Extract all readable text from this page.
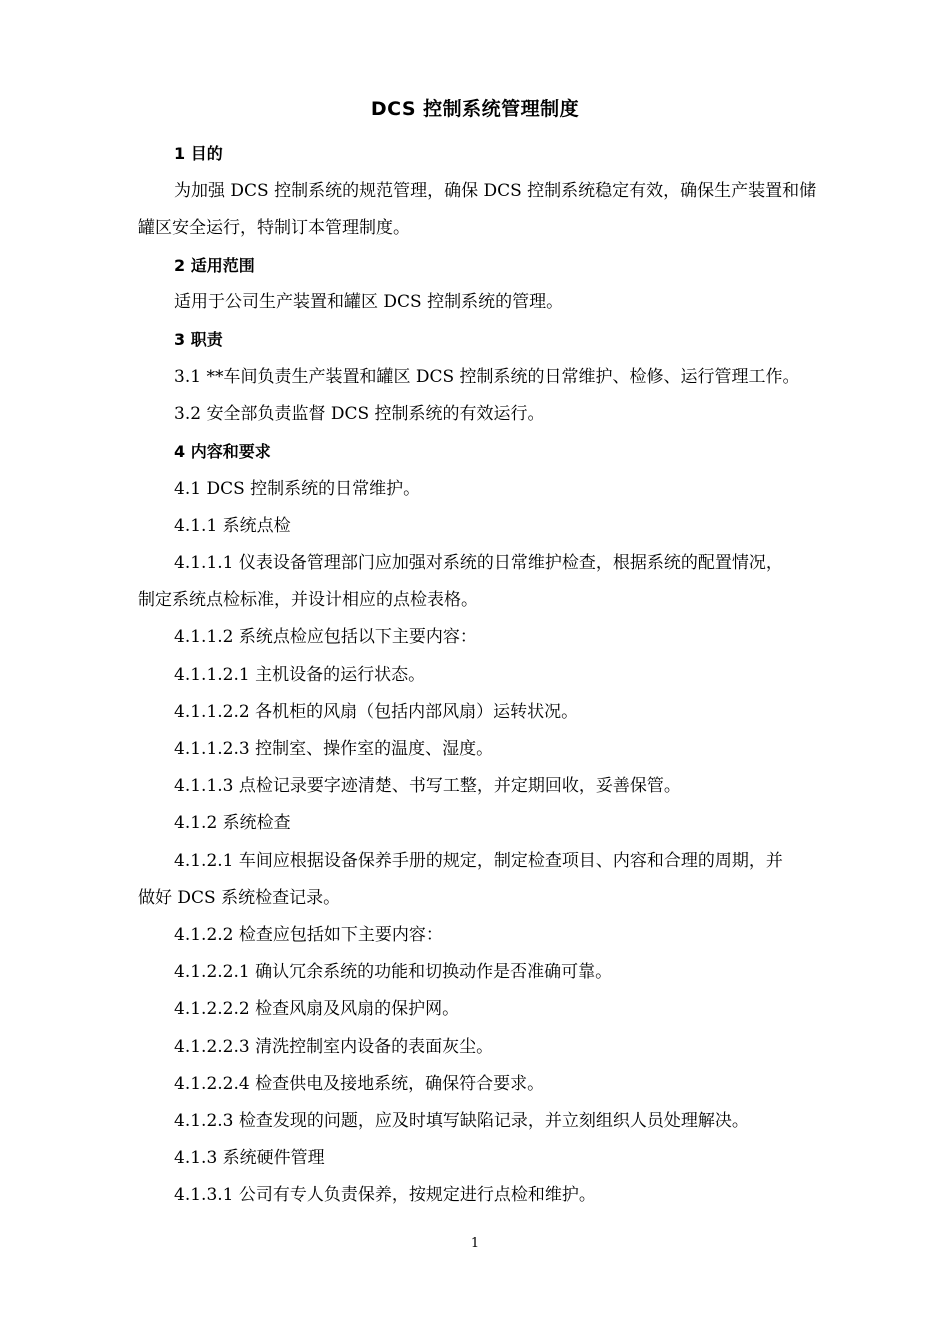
DCS 控制系统管理制度
1 目的
为加强 DCS 控制系统的规范管理，确保 DCS 控制系统稳定有效，确保生产装置和储
罐区安全运行，特制订本管理制度。
2 适用范围
适用于公司生产装置和罐区 DCS 控制系统的管理。
3 职责
3.1 **车间负责生产装置和罐区 DCS 控制系统的日常维护、检修、运行管理工作。
3.2 安全部负责监督 DCS 控制系统的有效运行。
4 内容和要求
4.1 DCS 控制系统的日常维护。
4.1.1 系统点检
4.1.1.1 仪表设备管理部门应加强对系统的日常维护检查，根据系统的配置情况，
制定系统点检标准，并设计相应的点检表格。
4.1.1.2 系统点检应包括以下主要内容：
4.1.1.2.1 主机设备的运行状态。
4.1.1.2.2 各机柜的风扇（包括内部风扇）运转状况。
4.1.1.2.3 控制室、操作室的温度、湿度。
4.1.1.3 点检记录要字迹清楚、书写工整，并定期回收，妥善保管。
4.1.2 系统检查
4.1.2.1 车间应根据设备保养手册的规定，制定检查项目、内容和合理的周期，并
做好 DCS 系统检查记录。
4.1.2.2 检查应包括如下主要内容：
4.1.2.2.1 确认冗余系统的功能和切换动作是否准确可靠。
4.1.2.2.2 检查风扇及风扇的保护网。
4.1.2.2.3 清洗控制室内设备的表面灰尘。
4.1.2.2.4 检查供电及接地系统，确保符合要求。
4.1.2.3 检查发现的问题，应及时填写缺陷记录，并立刻组织人员处理解决。
4.1.3 系统硬件管理
4.1.3.1 公司有专人负责保养，按规定进行点检和维护。
1
